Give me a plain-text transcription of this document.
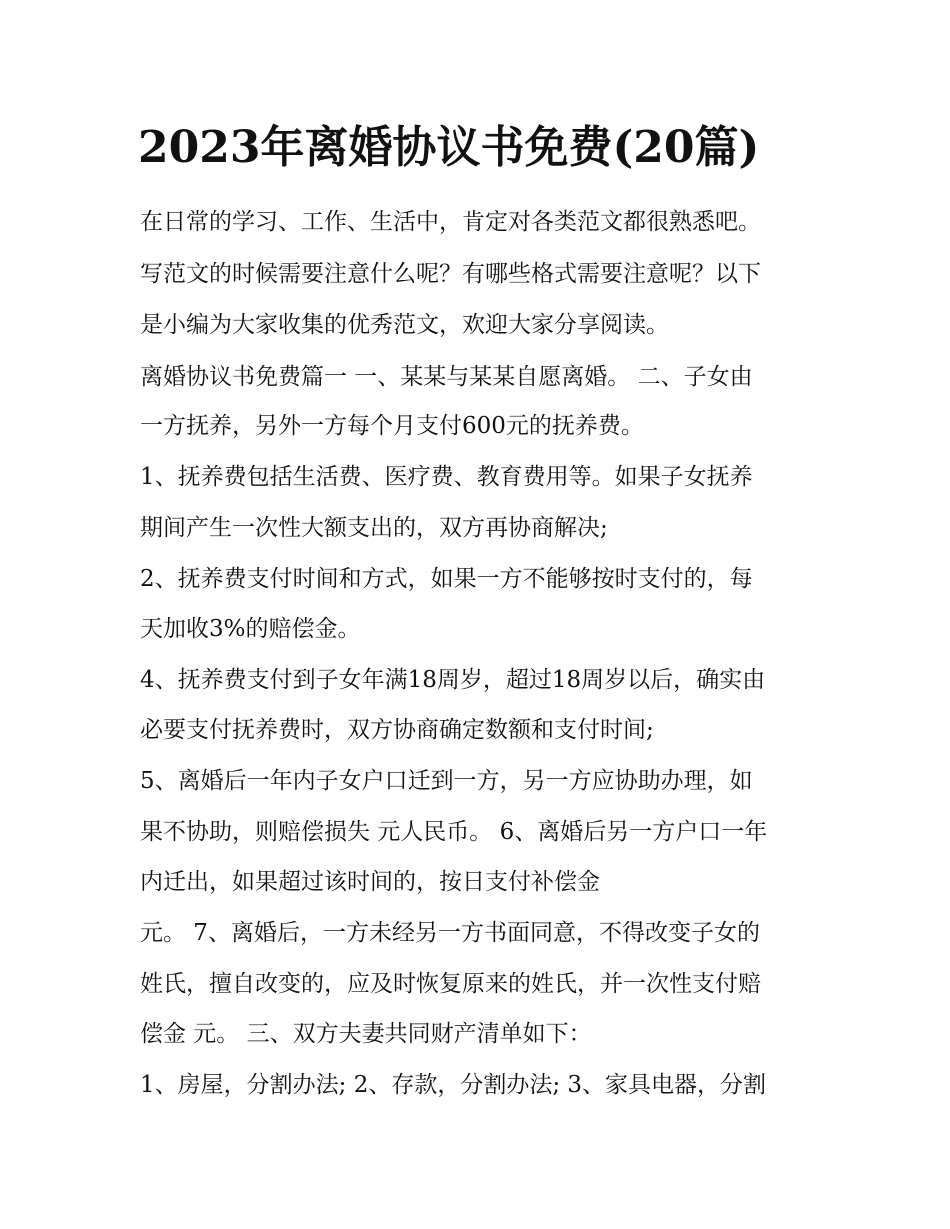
2023年离婚协议书免费(20篇)

在日常的学习、工作、生活中，肯定对各类范文都很熟悉吧。

写范文的时候需要注意什么呢？有哪些格式需要注意呢？以下

是小编为大家收集的优秀范文，欢迎大家分享阅读。

离婚协议书免费篇一 一、某某与某某自愿离婚。 二、子女由

一方抚养，另外一方每个月支付600元的抚养费。

1、抚养费包括生活费、医疗费、教育费用等。如果子女抚养

期间产生一次性大额支出的，双方再协商解决;

2、抚养费支付时间和方式，如果一方不能够按时支付的，每

天加收3%的赔偿金。

4、抚养费支付到子女年满18周岁，超过18周岁以后，确实由

必要支付抚养费时，双方协商确定数额和支付时间;

5、离婚后一年内子女户口迁到一方，另一方应协助办理，如

果不协助，则赔偿损失 元人民币。 6、离婚后另一方户口一年

内迁出，如果超过该时间的，按日支付补偿金

元。 7、离婚后，一方未经另一方书面同意，不得改变子女的

姓氏，擅自改变的，应及时恢复原来的姓氏，并一次性支付赔

偿金 元。 三、双方夫妻共同财产清单如下：

1、房屋，分割办法; 2、存款，分割办法; 3、家具电器，分割
